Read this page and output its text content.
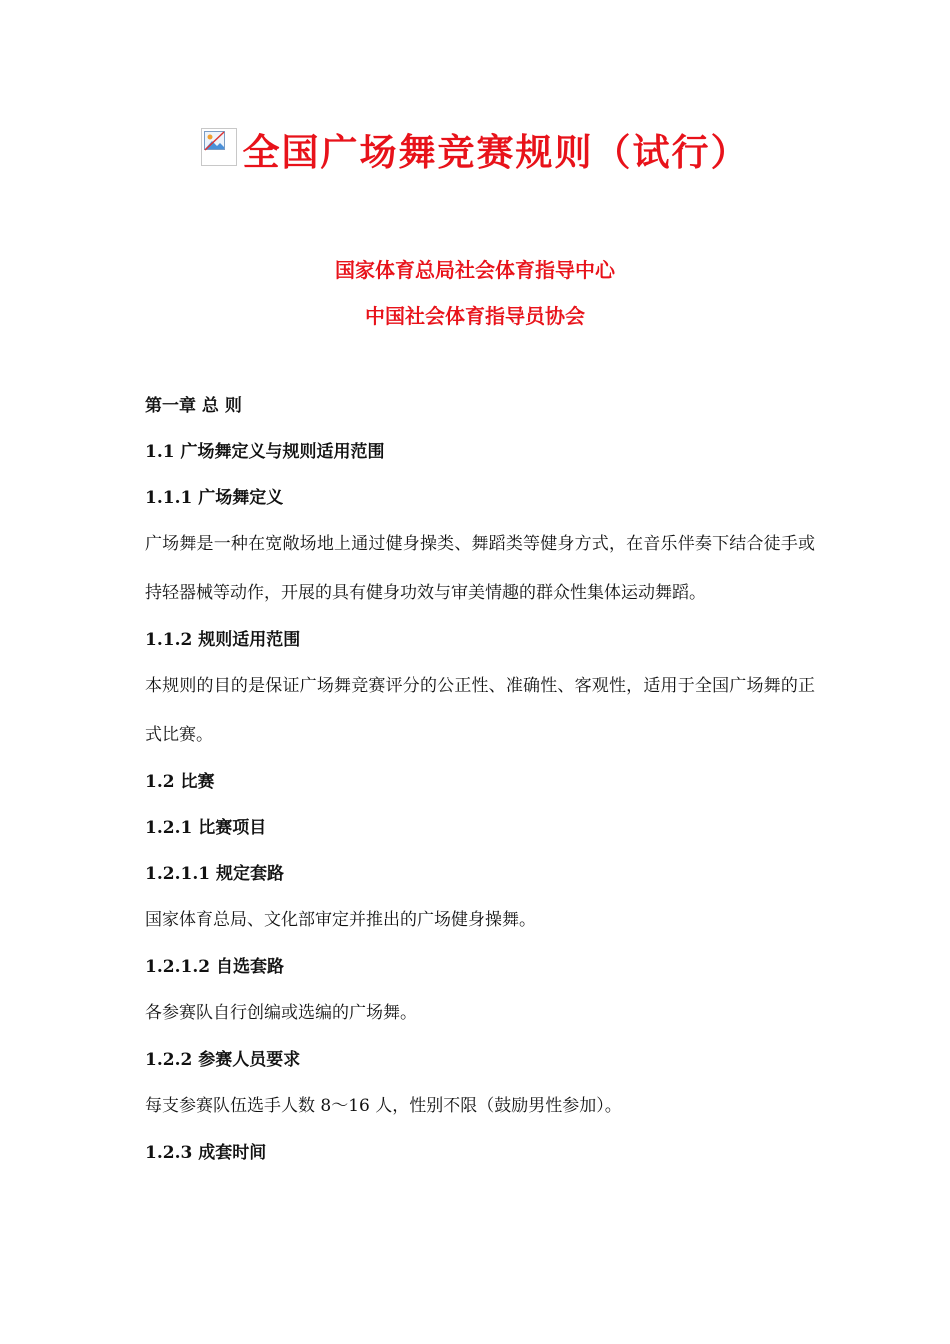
全国广场舞竞赛规则（试行）
国家体育总局社会体育指导中心
中国社会体育指导员协会
第一章 总 则
1.1 广场舞定义与规则适用范围
1.1.1 广场舞定义
广场舞是一种在宽敞场地上通过健身操类、舞蹈类等健身方式，在音乐伴奏下结合徒手或持轻器械等动作，开展的具有健身功效与审美情趣的群众性集体运动舞蹈。
1.1.2 规则适用范围
本规则的目的是保证广场舞竞赛评分的公正性、准确性、客观性，适用于全国广场舞的正式比赛。
1.2 比赛
1.2.1 比赛项目
1.2.1.1 规定套路
国家体育总局、文化部审定并推出的广场健身操舞。
1.2.1.2 自选套路
各参赛队自行创编或选编的广场舞。
1.2.2 参赛人员要求
每支参赛队伍选手人数 8～16 人，性别不限（鼓励男性参加）。
1.2.3 成套时间
